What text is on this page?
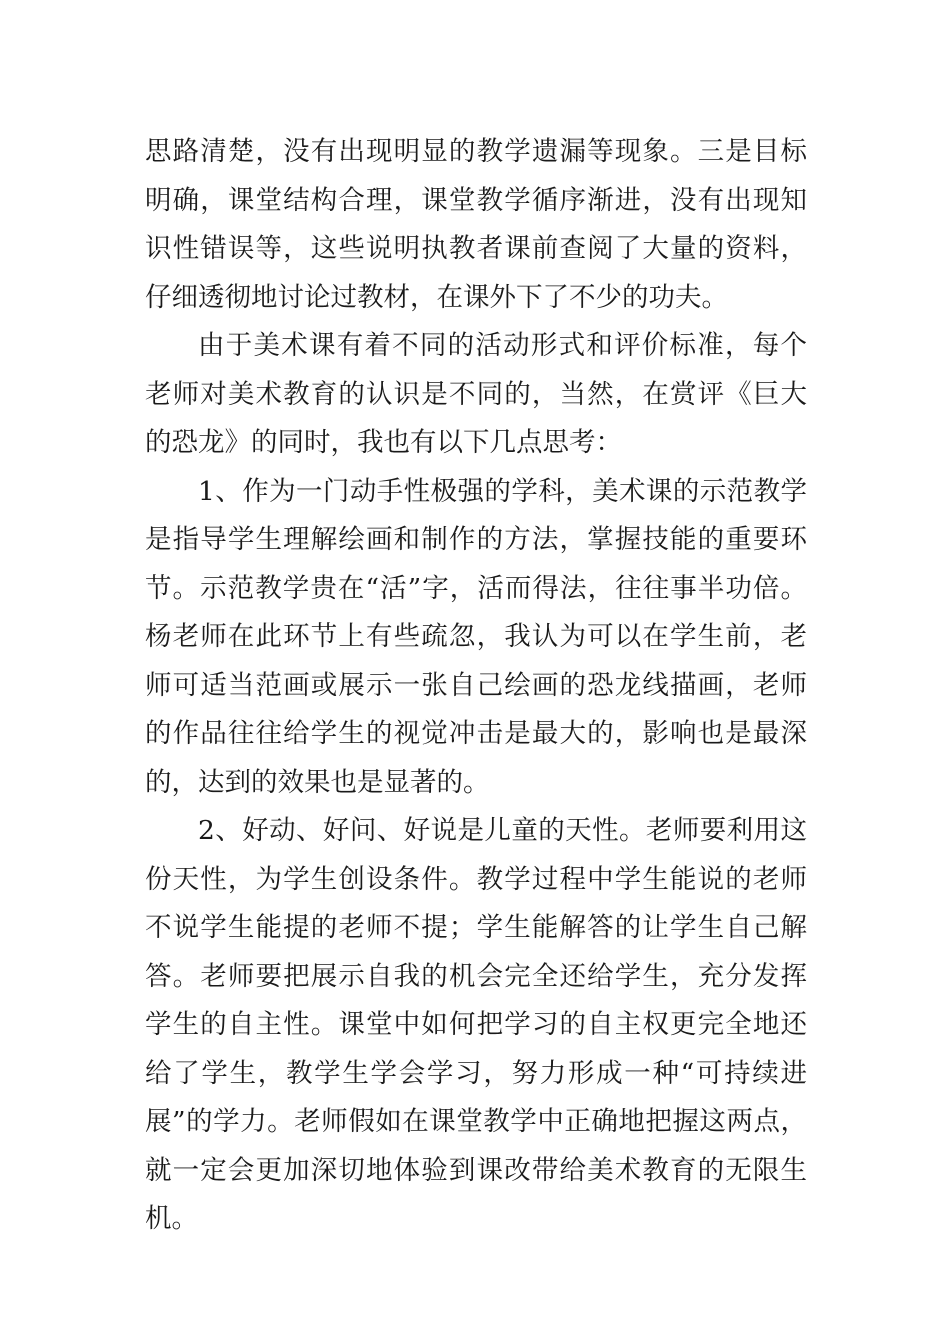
思路清楚，没有出现明显的教学遗漏等现象。三是目标明确，课堂结构合理，课堂教学循序渐进，没有出现知识性错误等，这些说明执教者课前查阅了大量的资料，仔细透彻地讨论过教材，在课外下了不少的功夫。

由于美术课有着不同的活动形式和评价标准，每个老师对美术教育的认识是不同的，当然，在赏评《巨大的恐龙》的同时，我也有以下几点思考：

1、作为一门动手性极强的学科，美术课的示范教学是指导学生理解绘画和制作的方法，掌握技能的重要环节。示范教学贵在“活”字，活而得法，往往事半功倍。杨老师在此环节上有些疏忽，我认为可以在学生前，老师可适当范画或展示一张自己绘画的恐龙线描画，老师的作品往往给学生的视觉冲击是最大的，影响也是最深的，达到的效果也是显著的。

2、好动、好问、好说是儿童的天性。老师要利用这份天性，为学生创设条件。教学过程中学生能说的老师不说学生能提的老师不提；学生能解答的让学生自己解答。老师要把展示自我的机会完全还给学生，充分发挥学生的自主性。课堂中如何把学习的自主权更完全地还给了学生，教学生学会学习，努力形成一种“可持续进展”的学力。老师假如在课堂教学中正确地把握这两点，就一定会更加深切地体验到课改带给美术教育的无限生机。
